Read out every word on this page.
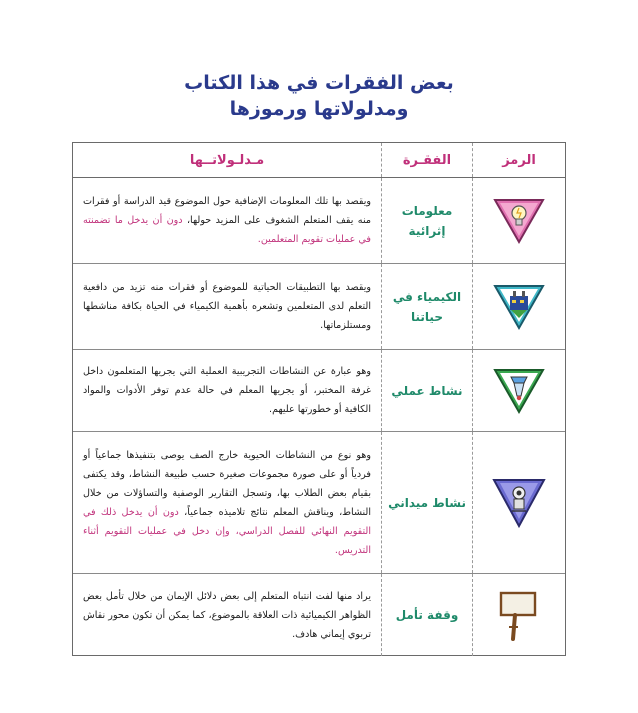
بعض الفقرات في هذا الكتاب
ومدلولاتها ورموزها
الرمز
الفقـرة
مـدلـولاتــها
معلومات إثرائية

ويقصد بها تلك المعلومات الإضافية حول الموضوع قيد الدراسة أو فقرات منه يقف المتعلم الشغوف على المزيد حولها، دون أن يدخل ما تضمنته في عمليات تقويم المتعلمين.

الكيمياء في حياتنا

ويقصد بها التطبيقات الحياتية للموضوع أو فقرات منه تزيد من دافعية التعلم لدى المتعلمين وتشعره بأهمية الكيمياء في الحياة بكافة مناشطها ومستلزماتها.

نشاط عملي

وهو عبارة عن النشاطات التجريبية العملية التي يجريها المتعلمون داخل غرفة المختبر، أو يجريها المعلم في حالة عدم توفر الأدوات والمواد الكافية أو خطورتها عليهم.

نشاط ميداني

وهو نوع من النشاطات الحيوية خارج الصف يوصى بتنفيذها جماعياً أو فردياً أو على صورة مجموعات صغيرة حسب طبيعة النشاط، وقد يكتفى بقيام بعض الطلاب بها، وتسجل التقارير الوصفية والتساؤلات من خلال النشاط، ويناقش المعلم نتائج تلاميذه جماعياً، دون أن يدخل ذلك في التقويم النهائي للفصل الدراسي، وإن دخل في عمليات التقويم أثناء التدريس.

وقفة تأمل

يراد منها لفت انتباه المتعلم إلى بعض دلائل الإيمان من خلال تأمل بعض الظواهر الكيميائية ذات العلاقة بالموضوع، كما يمكن أن تكون محور نقاش تربوي إيماني هادف.
